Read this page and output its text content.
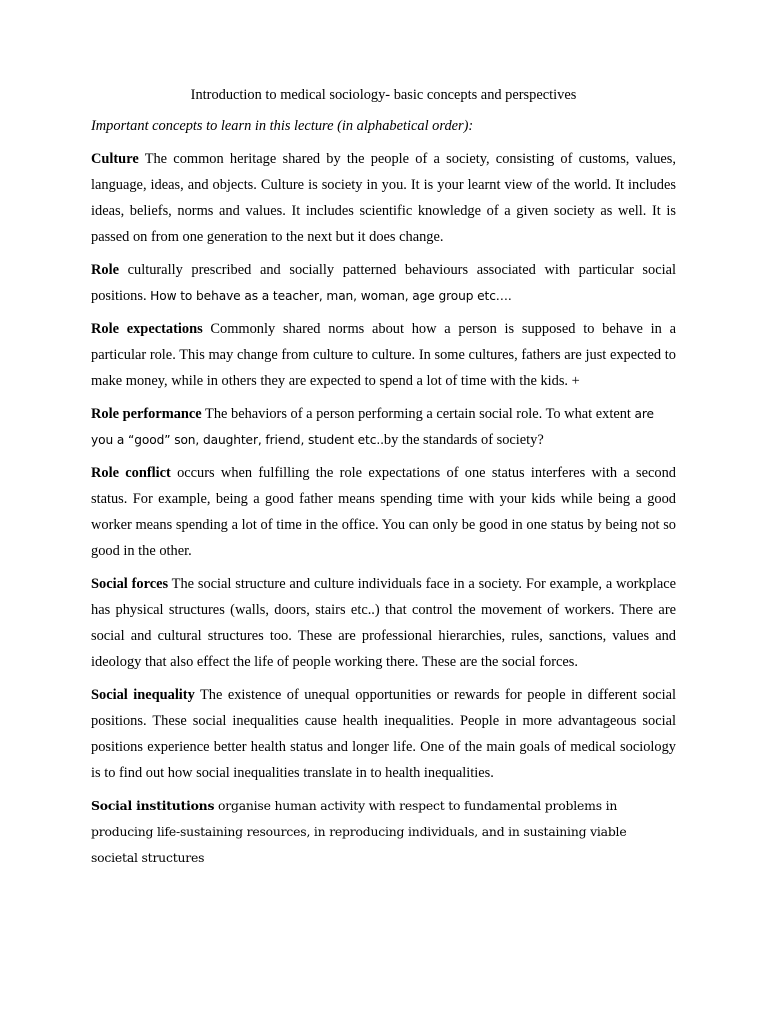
Introduction to medical sociology- basic concepts and perspectives

Important concepts to learn in this lecture (in alphabetical order):

Culture The common heritage shared by the people of a society, consisting of customs, values, language, ideas, and objects. Culture is society in you. It is your learnt view of the world. It includes ideas, beliefs, norms and values. It includes scientific knowledge of a given society as well. It is passed on from one generation to the next but it does change.

Role culturally prescribed and socially patterned behaviours associated with particular social positions. How to behave as a teacher, man, woman, age group etc….

Role expectations Commonly shared norms about how a person is supposed to behave in a particular role. This may change from culture to culture. In some cultures, fathers are just expected to make money, while in others they are expected to spend a lot of time with the kids. +

Role performance The behaviors of a person performing a certain social role. To what extent are you a “good” son, daughter, friend, student etc..by the standards of society?

Role conflict occurs when fulfilling the role expectations of one status interferes with a second status. For example, being a good father means spending time with your kids while being a good worker means spending a lot of time in the office. You can only be good in one status by being not so good in the other.

Social forces The social structure and culture individuals face in a society. For example, a workplace has physical structures (walls, doors, stairs etc..) that control the movement of workers. There are social and cultural structures too. These are professional hierarchies, rules, sanctions, values and ideology that also effect the life of people working there. These are the social forces.

Social inequality The existence of unequal opportunities or rewards for people in different social positions. These social inequalities cause health inequalities. People in more advantageous social positions experience better health status and longer life. One of the main goals of medical sociology is to find out how social inequalities translate in to health inequalities.

Social institutions organise human activity with respect to fundamental problems in producing life-sustaining resources, in reproducing individuals, and in sustaining viable societal structures
